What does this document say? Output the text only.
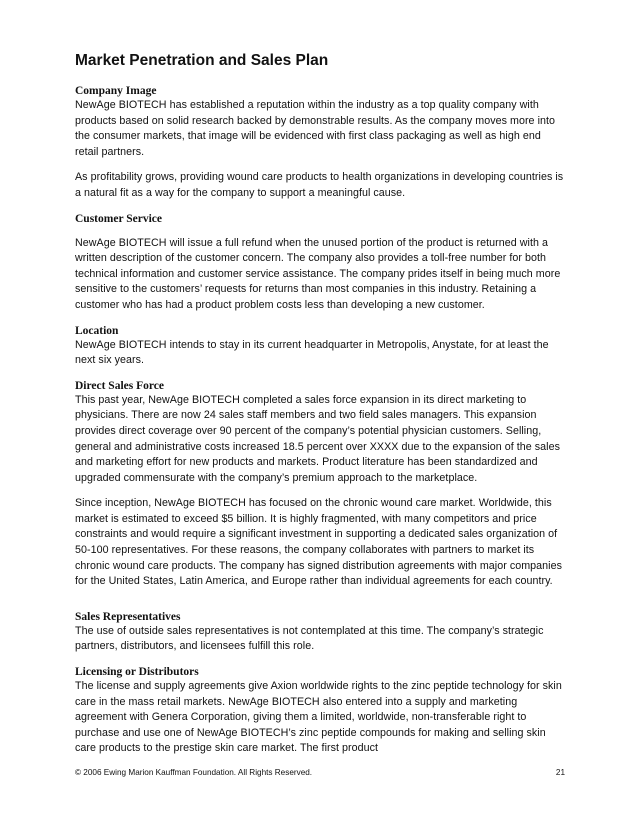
Market Penetration and Sales Plan
Company Image

NewAge BIOTECH has established a reputation within the industry as a top quality company with products based on solid research backed by demonstrable results. As the company moves more into the consumer markets, that image will be evidenced with first class packaging as well as high end retail partners.

As profitability grows, providing wound care products to health organizations in developing countries is a natural fit as a way for the company to support a meaningful cause.

Customer Service

NewAge BIOTECH will issue a full refund when the unused portion of the product is returned with a written description of the customer concern. The company also provides a toll-free number for both technical information and customer service assistance. The company prides itself in being much more sensitive to the customers’ requests for returns than most companies in this industry. Retaining a customer who has had a product problem costs less than developing a new customer.

Location

NewAge BIOTECH intends to stay in its current headquarter in Metropolis, Anystate, for at least the next six years.

Direct Sales Force

This past year, NewAge BIOTECH completed a sales force expansion in its direct marketing to physicians. There are now 24 sales staff members and two field sales managers. This expansion provides direct coverage over 90 percent of the company’s potential physician customers. Selling, general and administrative costs increased 18.5 percent over XXXX due to the expansion of the sales and marketing effort for new products and markets. Product literature has been standardized and upgraded commensurate with the company’s premium approach to the marketplace.

Since inception, NewAge BIOTECH has focused on the chronic wound care market. Worldwide, this market is estimated to exceed $5 billion. It is highly fragmented, with many competitors and price constraints and would require a significant investment in supporting a dedicated sales organization of 50-100 representatives. For these reasons, the company collaborates with partners to market its chronic wound care products. The company has signed distribution agreements with major companies for the United States, Latin America, and Europe rather than individual agreements for each country.

Sales Representatives

The use of outside sales representatives is not contemplated at this time. The company’s strategic partners, distributors, and licensees fulfill this role.

Licensing or Distributors

The license and supply agreements give Axion worldwide rights to the zinc peptide technology for skin care in the mass retail markets. NewAge BIOTECH also entered into a supply and marketing agreement with Genera Corporation, giving them a limited, worldwide, non-transferable right to purchase and use one of NewAge BIOTECH’s zinc peptide compounds for making and selling skin care products to the prestige skin care market. The first product

© 2006 Ewing Marion Kauffman Foundation. All Rights Reserved.	21
